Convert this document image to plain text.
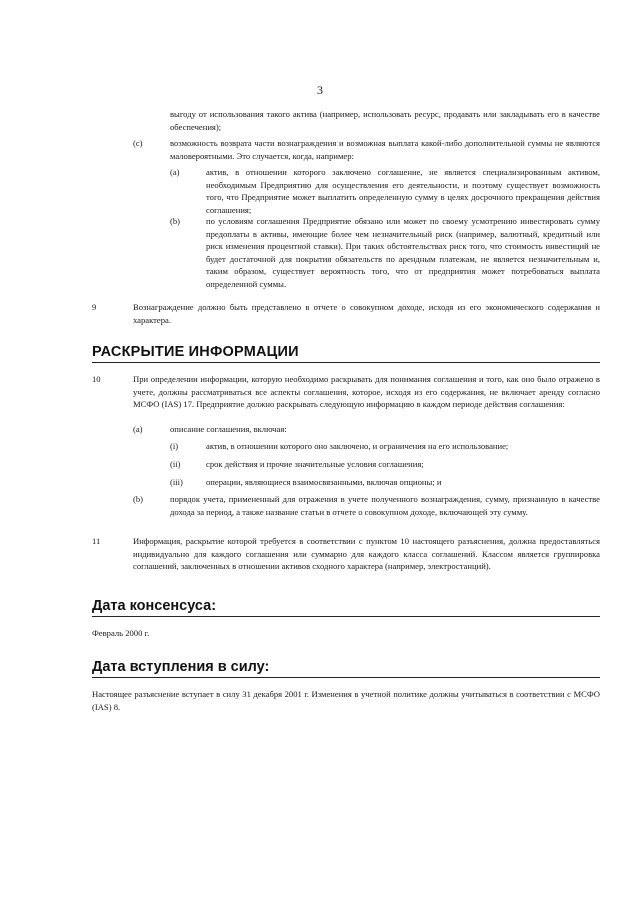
3
выгоду от использования такого актива (например, использовать ресурс, продавать или закладывать его в качестве обеспечения);
(c)	возможность возврата части вознаграждения и возможная выплата какой-либо дополнительной суммы не являются маловероятными. Это случается, когда, например:
(a)	актив, в отношении которого заключено соглашение, не является специализированным активом, необходимым Предприятию для осуществления его деятельности, и поэтому существует возможность того, что Предприятие может выплатить определенную сумму в целях досрочного прекращения действия соглашения;
(b)	по условиям соглашения Предприятие обязано или может по своему усмотрению инвестировать сумму предоплаты в активы, имеющие более чем незначительный риск (например, валютный, кредитный или риск изменения процентной ставки). При таких обстоятельствах риск того, что стоимость инвестиций не будет достаточной для покрытия обязательств по арендным платежам, не является незначительным и, таким образом, существует вероятность того, что от предприятия может потребоваться выплата определенной суммы.
9	Вознаграждение должно быть представлено в отчете о совокупном доходе, исходя из его экономического содержания и характера.
РАСКРЫТИЕ ИНФОРМАЦИИ
10	При определении информации, которую необходимо раскрывать для понимания соглашения и того, как оно было отражено в учете, должны рассматриваться все аспекты соглашения, которое, исходя из его содержания, не включает аренду согласно МСФО (IAS) 17. Предприятие должно раскрывать следующую информацию в каждом периоде действия соглашения:
(a)	описание соглашения, включая:
(i)	актив, в отношении которого оно заключено, и ограничения на его использование;
(ii)	срок действия и прочие значительные условия соглашения;
(iii)	операции, являющиеся взаимосвязанными, включая опционы; и
(b)	порядок учета, примененный для отражения в учете полученного вознаграждения, сумму, признанную в качестве дохода за период, а также название статьи в отчете о совокупном доходе, включающей эту сумму.
11	Информация, раскрытие которой требуется в соответствии с пунктом 10 настоящего разъяснения, должна предоставляться индивидуально для каждого соглашения или суммарно для каждого класса соглашений. Классом является группировка соглашений, заключенных в отношении активов сходного характера (например, электростанций).
Дата консенсуса:
Февраль 2000 г.
Дата вступления в силу:
Настоящее разъяснение вступает в силу 31 декабря 2001 г. Изменения в учетной политике должны учитываться в соответствии с МСФО (IAS) 8.
